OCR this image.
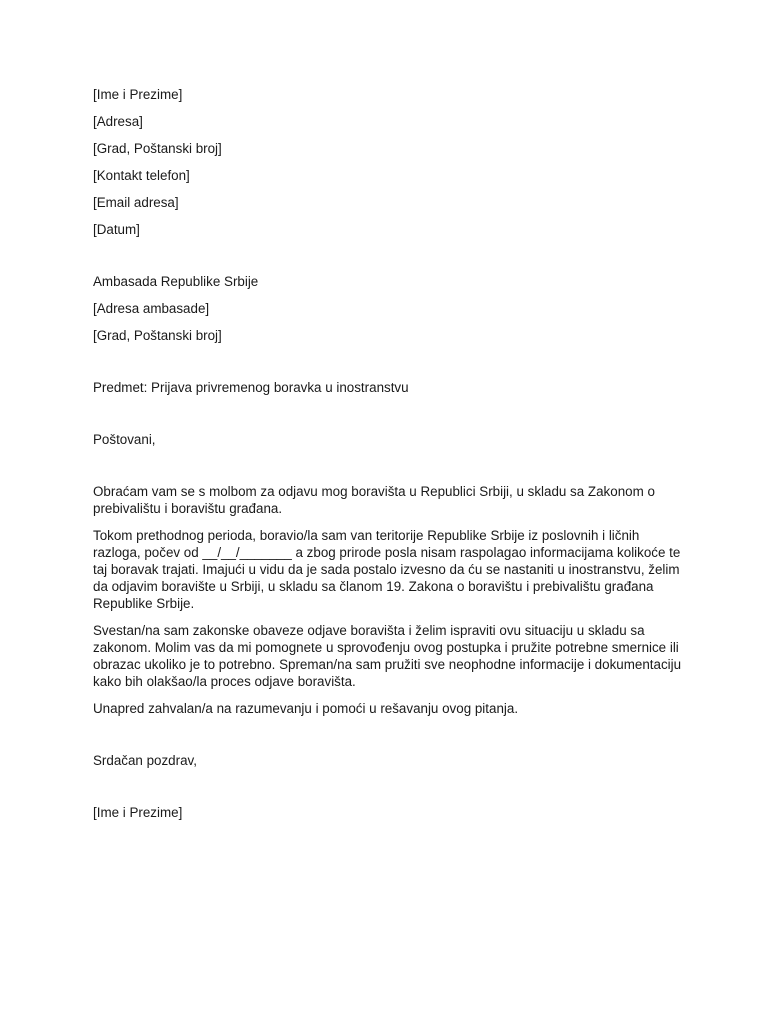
[Ime i Prezime]
[Adresa]
[Grad, Poštanski broj]
[Kontakt telefon]
[Email adresa]
[Datum]
Ambasada Republike Srbije
[Adresa ambasade]
[Grad, Poštanski broj]
Predmet: Prijava privremenog boravka u inostranstvu
Poštovani,
Obraćam vam se s molbom za odjavu mog boravišta u Republici Srbiji, u skladu sa Zakonom o prebivalištu i boravištu građana.
Tokom prethodnog perioda, boravio/la sam van teritorije Republike Srbije iz poslovnih i ličnih razloga, počev od __/__/_______ a zbog prirode posla nisam raspolagao informacijama kolikoće te taj boravak trajati. Imajući u vidu da je sada postalo izvesno da ću se nastaniti u inostranstvu, želim da odjavim boravište u Srbiji, u skladu sa članom 19. Zakona o boravištu i prebivalištu građana Republike Srbije.
Svestan/na sam zakonske obaveze odjave boravišta i želim ispraviti ovu situaciju u skladu sa zakonom. Molim vas da mi pomognete u sprovođenju ovog postupka i pružite potrebne smernice ili obrazac ukoliko je to potrebno. Spreman/na sam pružiti sve neophodne informacije i dokumentaciju kako bih olakšao/la proces odjave boravišta.
Unapred zahvalan/a na razumevanju i pomoći u rešavanju ovog pitanja.
Srdačan pozdrav,
[Ime i Prezime]
